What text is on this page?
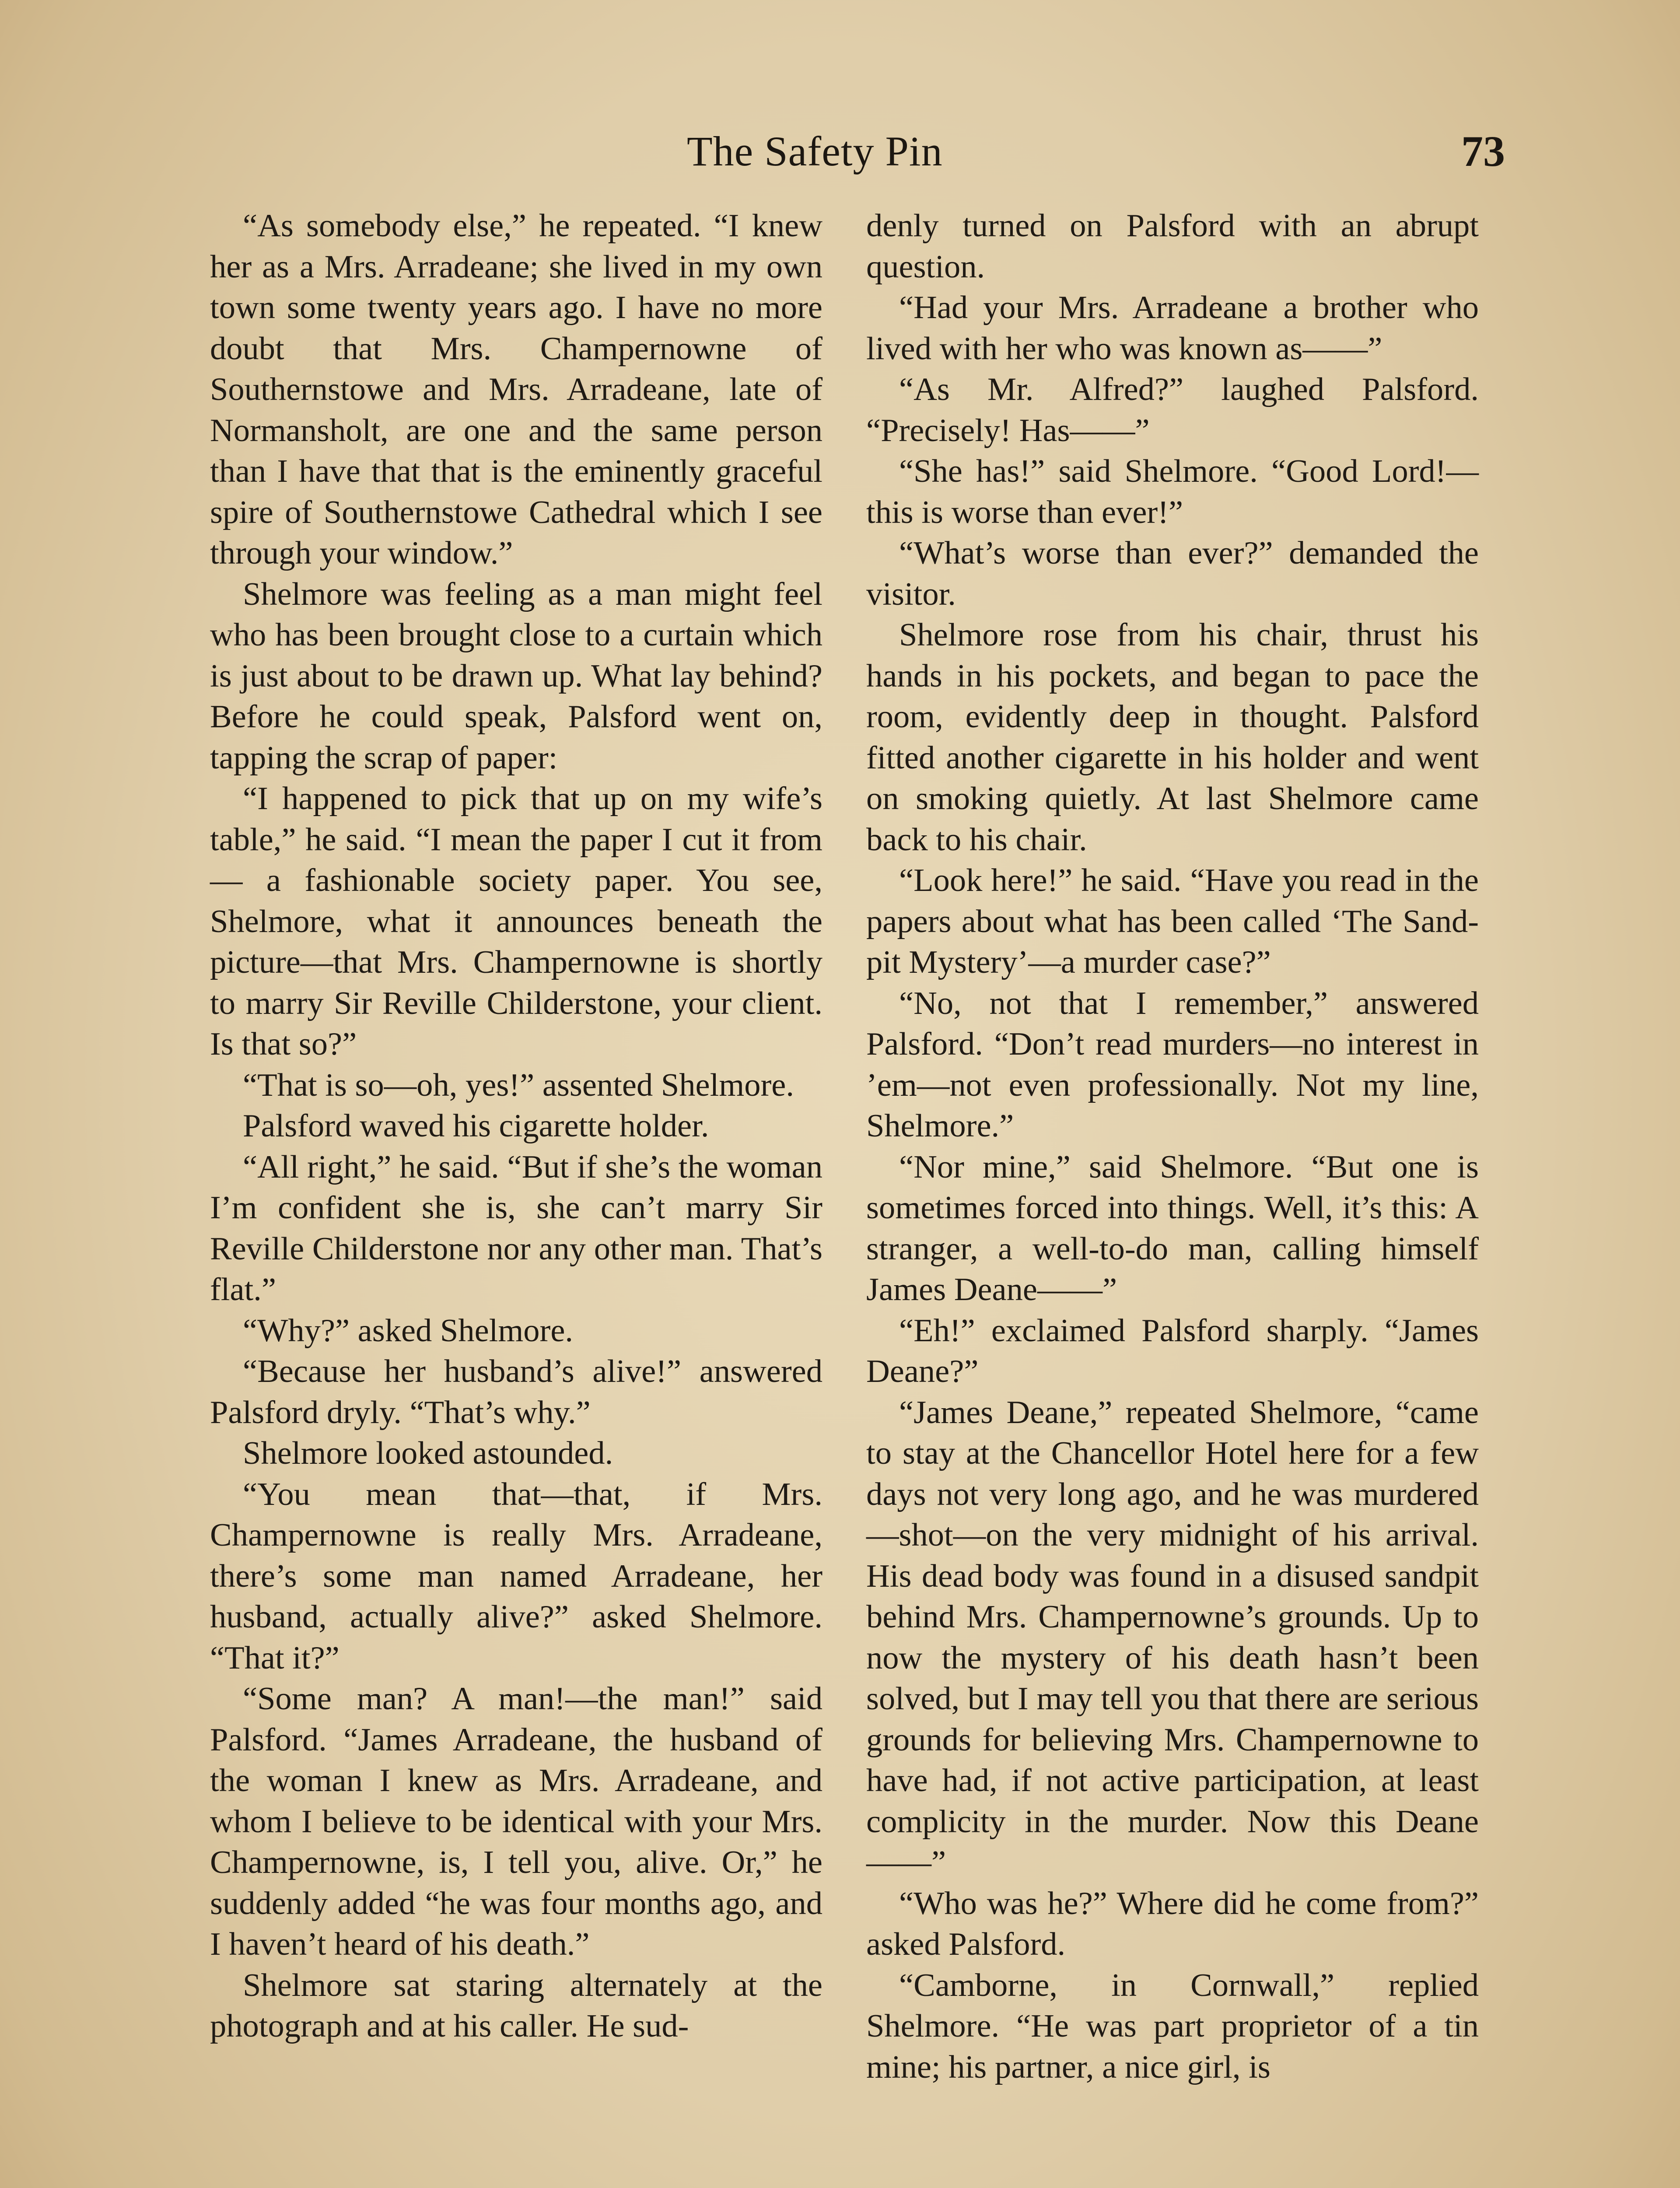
The Safety Pin	73

“As somebody else,” he repeated. “I knew her as a Mrs. Arradeane; she lived in my own town some twenty years ago. I have no more doubt that Mrs. Champernowne of Southernstowe and Mrs. Arradeane, late of Normansholt, are one and the same person than I have that that is the eminently graceful spire of Southernstowe Cathedral which I see through your window.”

Shelmore was feeling as a man might feel who has been brought close to a curtain which is just about to be drawn up. What lay behind? Before he could speak, Palsford went on, tapping the scrap of paper:

“I happened to pick that up on my wife’s table,” he said. “I mean the paper I cut it from — a fashionable society paper. You see, Shelmore, what it announces beneath the picture—that Mrs. Champernowne is shortly to marry Sir Reville Childerstone, your client. Is that so?”

“That is so—oh, yes!” assented Shelmore.

Palsford waved his cigarette holder.

“All right,” he said. “But if she’s the woman I’m confident she is, she can’t marry Sir Reville Childerstone nor any other man. That’s flat.”

“Why?” asked Shelmore.

“Because her husband’s alive!” answered Palsford dryly. “That’s why.”

Shelmore looked astounded.

“You mean that—that, if Mrs. Champernowne is really Mrs. Arradeane, there’s some man named Arradeane, her husband, actually alive?” asked Shelmore. “That it?”

“Some man? A man!—the man!” said Palsford. “James Arradeane, the husband of the woman I knew as Mrs. Arradeane, and whom I believe to be identical with your Mrs. Champernowne, is, I tell you, alive. Or,” he suddenly added “he was four months ago, and I haven’t heard of his death.”

Shelmore sat staring alternately at the photograph and at his caller. He sud-

denly turned on Palsford with an abrupt question.

“Had your Mrs. Arradeane a brother who lived with her who was known as——”

“As Mr. Alfred?” laughed Palsford. “Precisely! Has——”

“She has!” said Shelmore. “Good Lord!—this is worse than ever!”

“What’s worse than ever?” demanded the visitor.

Shelmore rose from his chair, thrust his hands in his pockets, and began to pace the room, evidently deep in thought. Palsford fitted another cigarette in his holder and went on smoking quietly. At last Shelmore came back to his chair.

“Look here!” he said. “Have you read in the papers about what has been called ‘The Sand-pit Mystery’—a murder case?”

“No, not that I remember,” answered Palsford. “Don’t read murders—no interest in ’em—not even professionally. Not my line, Shelmore.”

“Nor mine,” said Shelmore. “But one is sometimes forced into things. Well, it’s this: A stranger, a well-to-do man, calling himself James Deane——”

“Eh!” exclaimed Palsford sharply. “James Deane?”

“James Deane,” repeated Shelmore, “came to stay at the Chancellor Hotel here for a few days not very long ago, and he was murdered—shot—on the very midnight of his arrival. His dead body was found in a disused sandpit behind Mrs. Champernowne’s grounds. Up to now the mystery of his death hasn’t been solved, but I may tell you that there are serious grounds for believing Mrs. Champernowne to have had, if not active participation, at least complicity in the murder. Now this Deane——”

“Who was he?” Where did he come from?” asked Palsford.

“Camborne, in Cornwall,” replied Shelmore. “He was part proprietor of a tin mine; his partner, a nice girl, is
